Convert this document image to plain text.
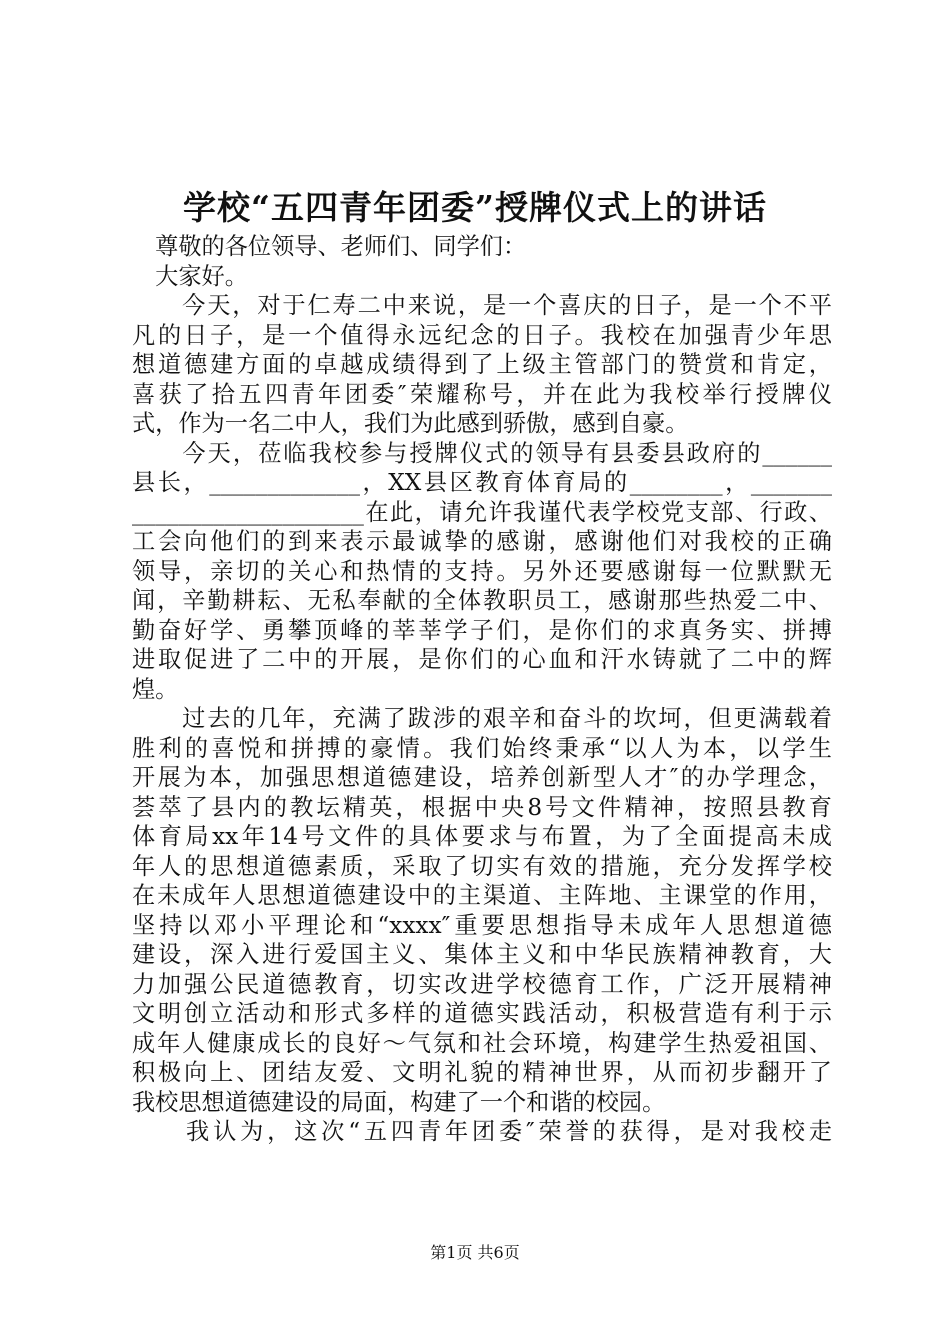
学校“五四青年团委”授牌仪式上的讲话
　尊敬的各位领导、老师们、同学们：
　大家好。
　　今天，对于仁寿二中来说，是一个喜庆的日子，是一个不平
凡的日子，是一个值得永远纪念的日子。我校在加强青少年思
想道德建方面的卓越成绩得到了上级主管部门的赞赏和肯定，
喜获了拾五四青年团委″荣耀称号，并在此为我校举行授牌仪
式，作为一名二中人，我们为此感到骄傲，感到自豪。
　　今天，莅临我校参与授牌仪式的领导有县委县政府的______
县长，_____________，XX县区教育体育局的________，_______
____________________在此，请允许我谨代表学校党支部、行政、
工会向他们的到来表示最诚挚的感谢，感谢他们对我校的正确
领导，亲切的关心和热情的支持。另外还要感谢每一位默默无
闻，辛勤耕耘、无私奉献的全体教职员工，感谢那些热爱二中、
勤奋好学、勇攀顶峰的莘莘学子们，是你们的求真务实、拼搏
进取促进了二中的开展，是你们的心血和汗水铸就了二中的辉
煌。
　　过去的几年，充满了跋涉的艰辛和奋斗的坎坷，但更满载着
胜利的喜悦和拼搏的豪情。我们始终秉承“以人为本，以学生
开展为本，加强思想道德建设，培养创新型人才″的办学理念，
荟萃了县内的教坛精英，根据中央8号文件精神，按照县教育
体育局xx年14号文件的具体要求与布置，为了全面提高未成
年人的思想道德素质，采取了切实有效的措施，充分发挥学校
在未成年人思想道德建设中的主渠道、主阵地、主课堂的作用，
坚持以邓小平理论和“xxxx″重要思想指导未成年人思想道德
建设，深入进行爱国主义、集体主义和中华民族精神教育，大
力加强公民道德教育，切实改进学校德育工作，广泛开展精神
文明创立活动和形式多样的道德实践活动，积极营造有利于示
成年人健康成长的良好～气氛和社会环境，构建学生热爱祖国、
积极向上、团结友爱、文明礼貌的精神世界，从而初步翻开了
我校思想道德建设的局面，构建了一个和谐的校园。
　　我认为，这次“五四青年团委″荣誉的获得，是对我校走
第1页 共6页
